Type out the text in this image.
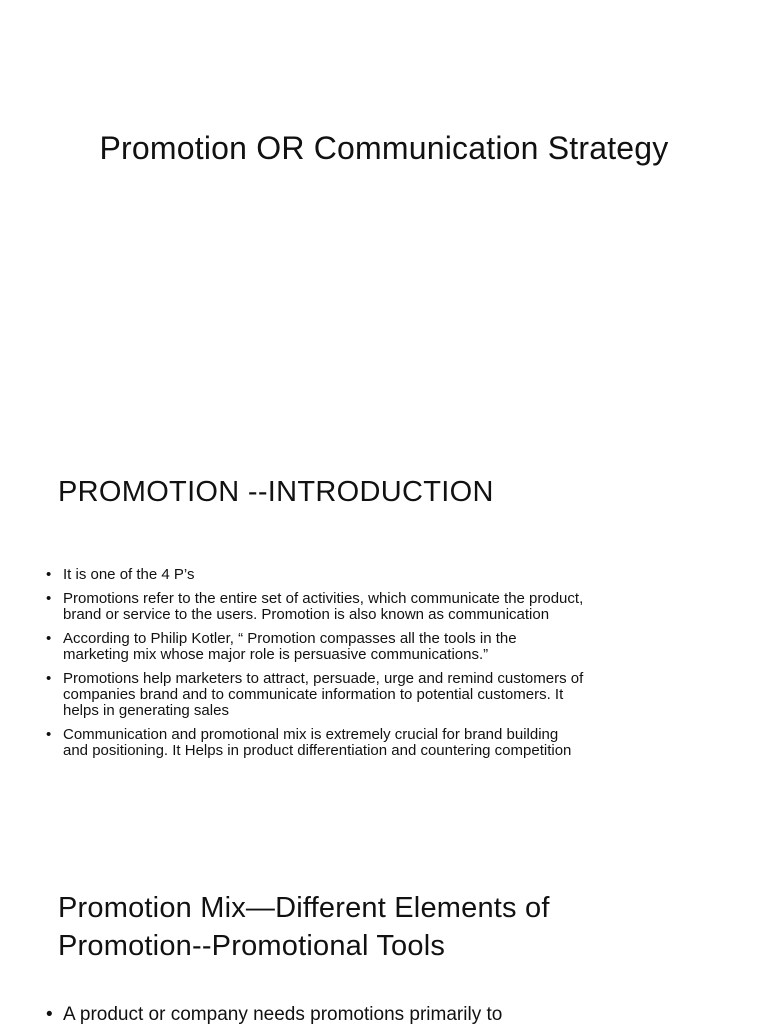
Promotion OR Communication Strategy
PROMOTION --INTRODUCTION
• It is one of the 4 P’s
• Promotions refer to the entire set of activities, which communicate the product, brand or service to the users. Promotion is also known as communication
• According to Philip Kotler, “ Promotion compasses all the tools in the marketing mix whose major role is persuasive communications.”
• Promotions help marketers to attract, persuade, urge and remind customers of companies brand and to communicate information to potential customers. It helps in generating sales
• Communication and promotional mix is extremely crucial for brand building and positioning. It Helps in product differentiation and countering competition
Promotion Mix—Different Elements of
Promotion--Promotional Tools
• A product or company needs promotions primarily to
